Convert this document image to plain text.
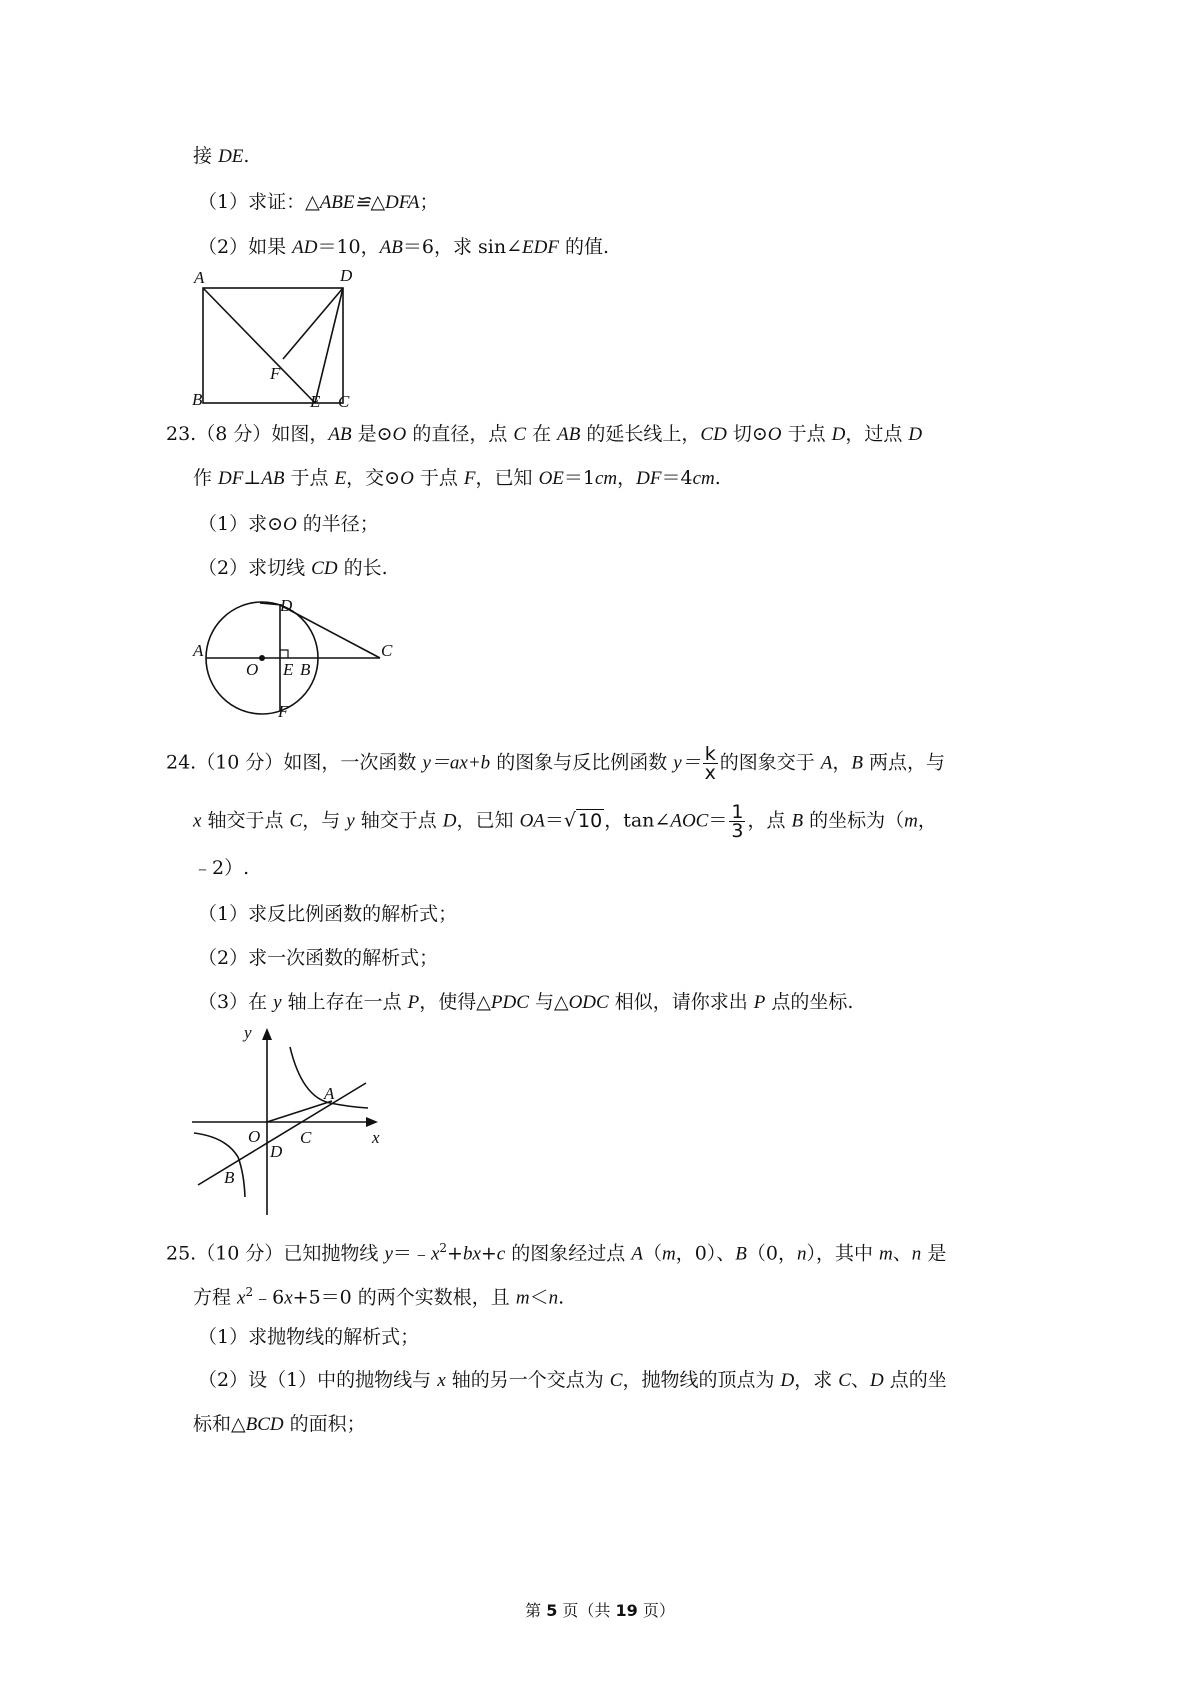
接 DE.
（1）求证：△ABE≌△DFA；
（2）如果 AD＝10，AB＝6，求 sin∠EDF 的值.
A	D
B	C
E
F
23.（8 分）如图，AB 是⊙O 的直径，点 C 在 AB 的延长线上，CD 切⊙O 于点 D，过点 D
作 DF⊥AB 于点 E，交⊙O 于点 F，已知 OE＝1cm，DF＝4cm.
（1）求⊙O 的半径；
（2）求切线 CD 的长.
A
D
O E B
C
F
24.（10 分）如图，一次函数 y＝ax+b 的图象与反比例函数 $y= \frac{k}{x}$ 的图象交于 A，B 两点，与
x 轴交于点 C，与 y 轴交于点 D，已知 OA＝√ 10 ，tan∠AOC＝ $\frac{1}{3}$ ，点 B 的坐标为（m，
﹣2）.
（1）求反比例函数的解析式；
（2）求一次函数的解析式；
（3）在 y 轴上存在一点 P，使得△PDC 与△ODC 相似，请你求出 P 点的坐标.
y
x
O
A
B
C
D
25.（10 分）已知抛物线 $y=﹣x^2+bx+c$ 的图象经过点 A（m，0）、B（0，n），其中 m、n 是
方程 $x^2﹣6x+5=0$ 的两个实数根，且 m＜n.
（1）求抛物线的解析式；
（2）设（1）中的抛物线与 x 轴的另一个交点为 C，抛物线的顶点为 D，求 C、D 点的坐
标和△BCD 的面积；
第 5 页（共 19 页）
